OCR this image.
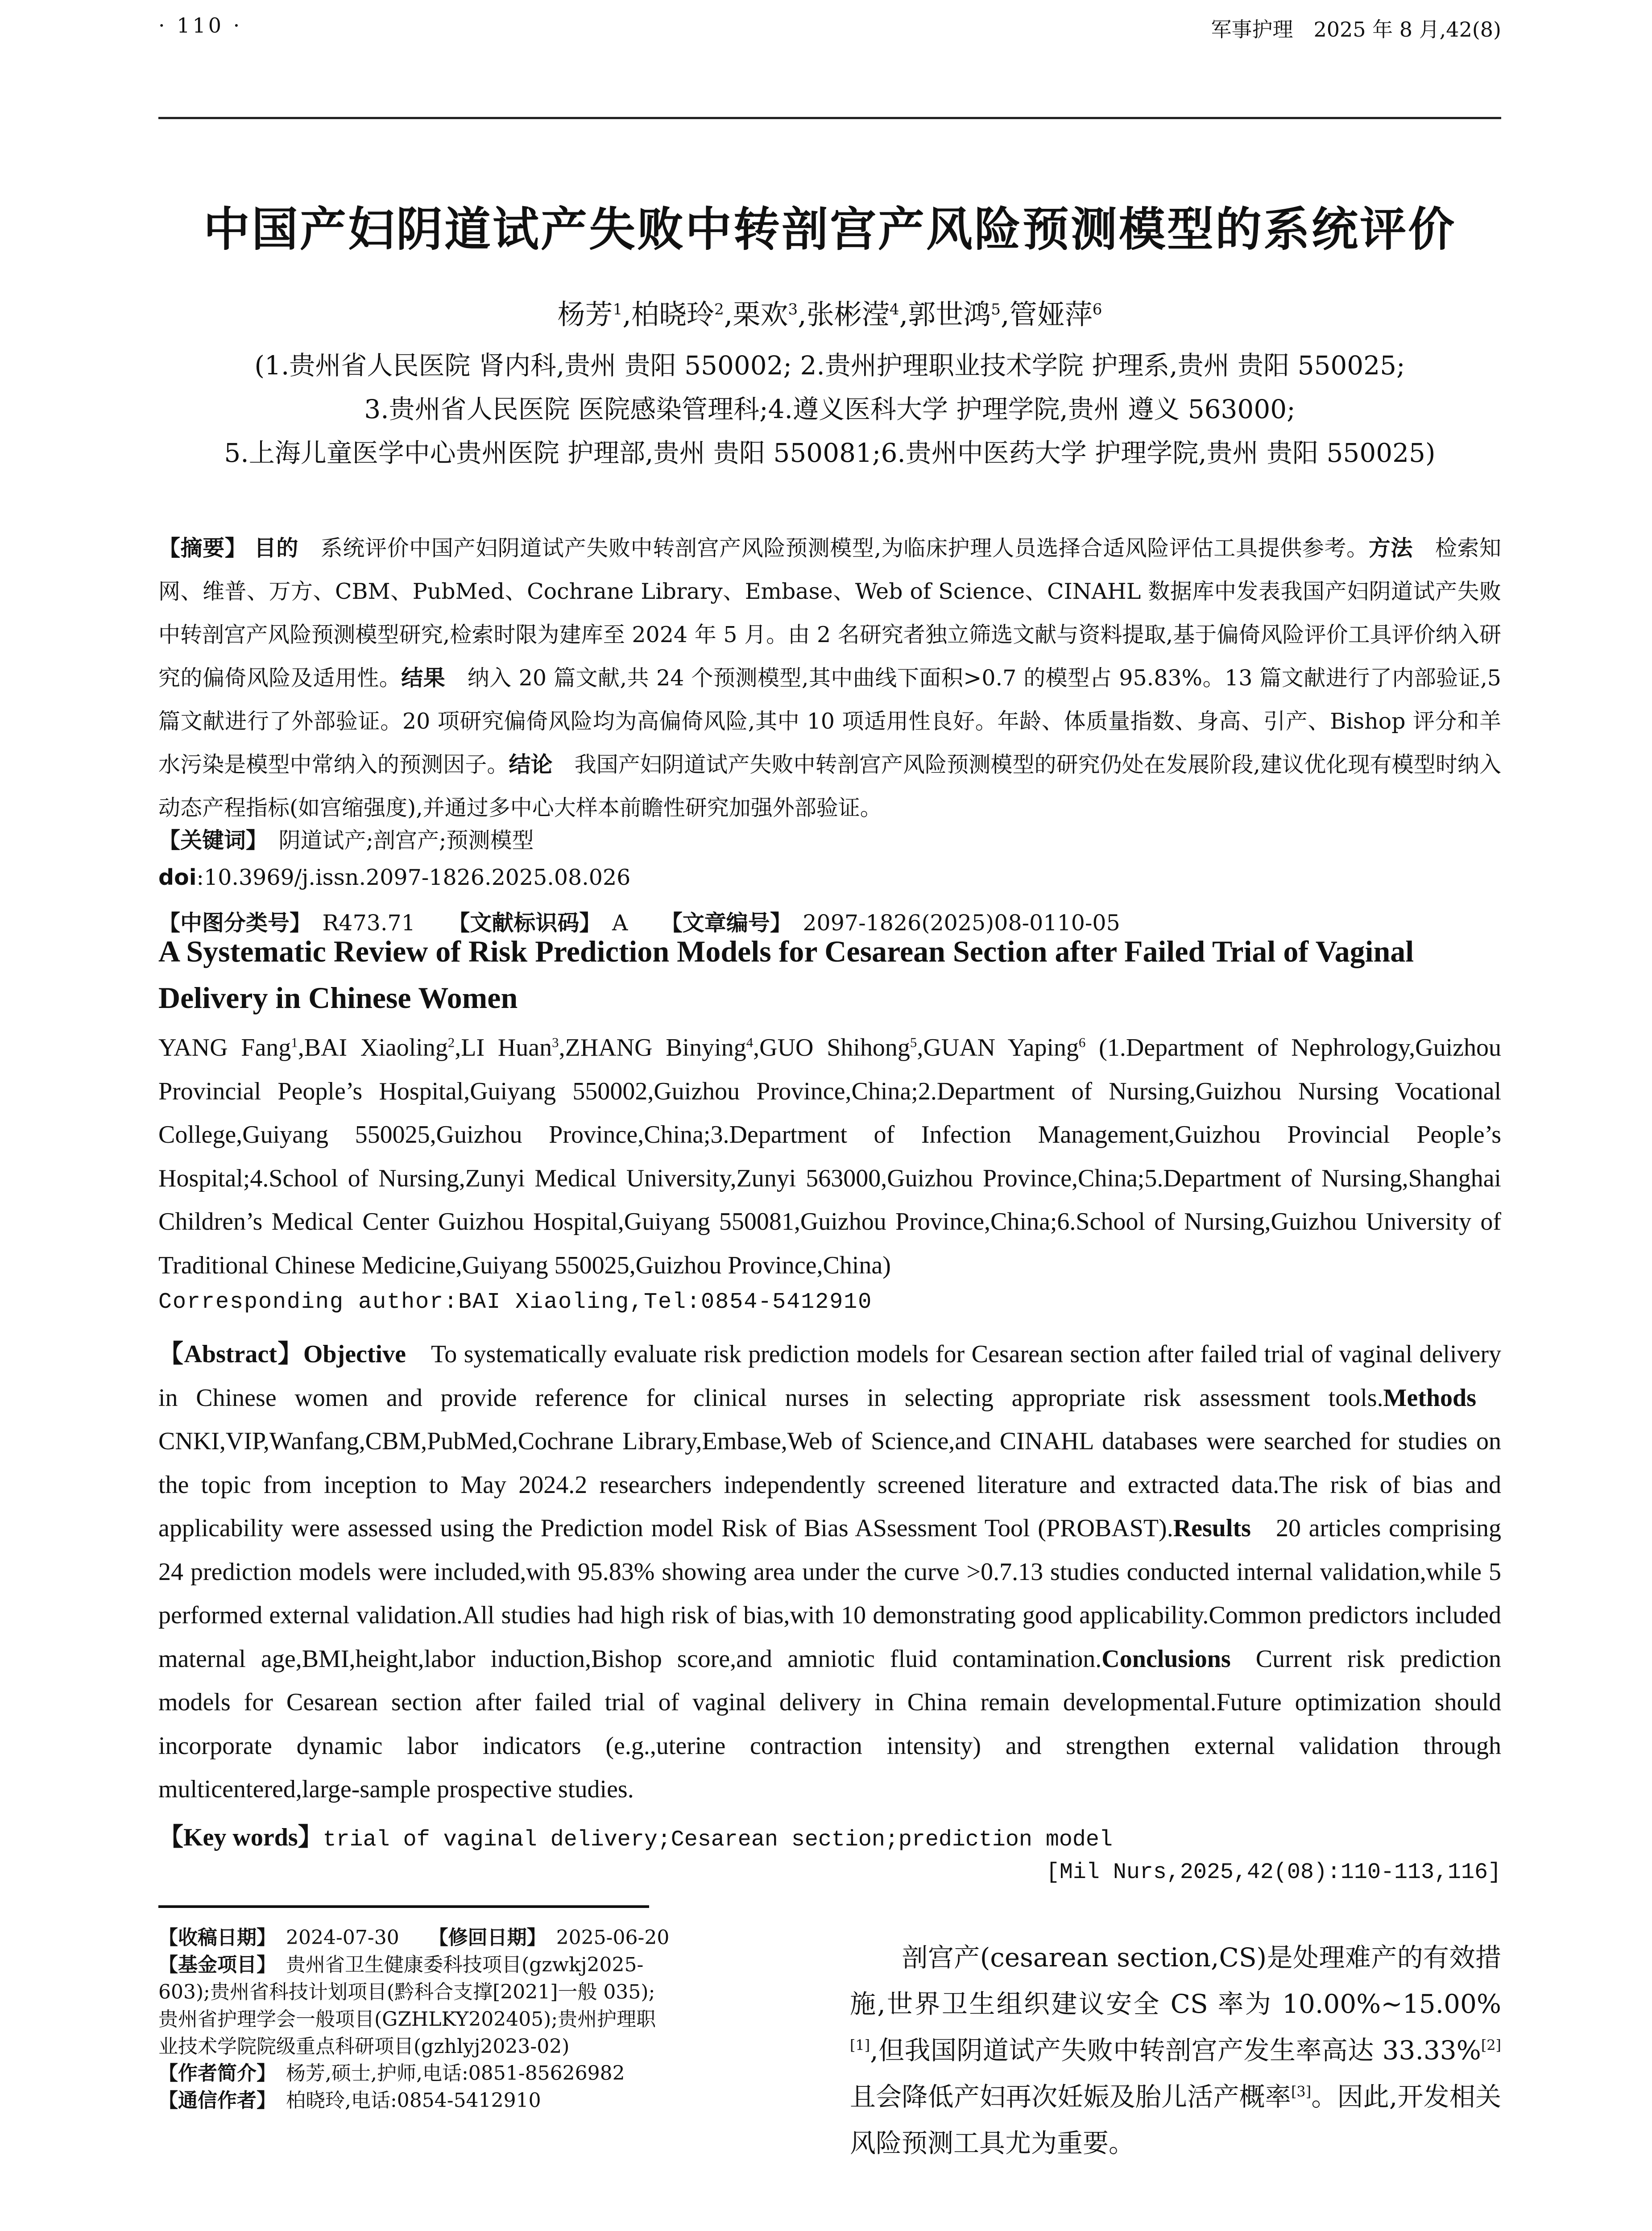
· 110 ·	军事护理　2025 年 8 月,42(8)
中国产妇阴道试产失败中转剖宫产风险预测模型的系统评价
杨芳$^1$,柏晓玲$^2$,栗欢$^3$,张彬滢$^4$,郭世鸿$^5$,管娅萍$^6$
(1.贵州省人民医院 肾内科,贵州 贵阳 550002; 2.贵州护理职业技术学院 护理系,贵州 贵阳 550025;
3.贵州省人民医院 医院感染管理科;4.遵义医科大学 护理学院,贵州 遵义 563000;
5.上海儿童医学中心贵州医院 护理部,贵州 贵阳 550081;6.贵州中医药大学 护理学院,贵州 贵阳 550025)
【摘要】 目的　 系统评价中国产妇阴道试产失败中转剖宫产风险预测模型,为临床护理人员选择合适风险评估工具提供参考。方法　 检索知网、维普、万方、CBM、PubMed、Cochrane Library、Embase、Web of Science、CINAHL 数据库中发表我国产妇阴道试产失败中转剖宫产风险预测模型研究,检索时限为建库至 2024 年 5 月。由 2 名研究者独立筛选文献与资料提取,基于偏倚风险评价工具评价纳入研究的偏倚风险及适用性。结果　 纳入 20 篇文献,共 24 个预测模型,其中曲线下面积>0.7 的模型占 95.83%。13 篇文献进行了内部验证,5 篇文献进行了外部验证。20 项研究偏倚风险均为高偏倚风险,其中 10 项适用性良好。年龄、体质量指数、身高、引产、Bishop 评分和羊水污染是模型中常纳入的预测因子。结论　 我国产妇阴道试产失败中转剖宫产风险预测模型的研究仍处在发展阶段,建议优化现有模型时纳入动态产程指标(如宫缩强度),并通过多中心大样本前瞻性研究加强外部验证。
【关键词】　 阴道试产;剖宫产;预测模型
doi:10.3969/j.issn.2097-1826.2025.08.026
【中图分类号】　 R473.71　　 【文献标识码】　 A　　 【文章编号】　 2097-1826(2025)08-0110-05
A Systematic Review of Risk Prediction Models for Cesarean Section after Failed Trial of Vaginal Delivery in Chinese Women
YANG Fang$^1$,BAI Xiaoling$^2$,LI Huan$^3$,ZHANG Binying$^4$,GUO Shihong$^5$,GUAN Yaping$^6$ (1.Department of Nephrology,Guizhou Provincial People’s Hospital,Guiyang 550002,Guizhou Province,China;2.Department of Nursing,Guizhou Nursing Vocational College,Guiyang 550025,Guizhou Province,China;3.Department of Infection Management,Guizhou Provincial People’s Hospital;4.School of Nursing,Zunyi Medical University,Zunyi 563000,Guizhou Province,China;5.Department of Nursing,Shanghai Children’s Medical Center Guizhou Hospital,Guiyang 550081,Guizhou Province,China;6.School of Nursing,Guizhou University of Traditional Chinese Medicine,Guiyang 550025,Guizhou Province,China)
Corresponding author:BAI Xiaoling,Tel:0854-5412910
【Abstract】Objective  To systematically evaluate risk prediction models for Cesarean section after failed trial of vaginal delivery in Chinese women and provide reference for clinical nurses in selecting appropriate risk assessment tools.Methods CNKI,VIP,Wanfang,CBM,PubMed,Cochrane Library,Embase,Web of Science,and CINAHL databases were searched for studies on the topic from inception to May 2024.2 researchers independently screened literature and extracted data.The risk of bias and applicability were assessed using the Prediction model Risk of Bias ASsessment Tool (PROBAST).Results  20 articles comprising 24 prediction models were included,with 95.83% showing area under the curve >0.7.13 studies conducted internal validation,while 5 performed external validation.All studies had high risk of bias,with 10 demonstrating good applicability.Common predictors included maternal age,BMI,height,labor induction,Bishop score,and amniotic fluid contamination.Conclusions  Current risk prediction models for Cesarean section after failed trial of vaginal delivery in China remain developmental.Future optimization should incorporate dynamic labor indicators (e.g.,uterine contraction intensity) and strengthen external validation through multicentered,large-sample prospective studies.
【Key words】trial of vaginal delivery;Cesarean section;prediction model
[Mil Nurs,2025,42(08):110-113,116]
【收稿日期】　 2024-07-30　　 【修回日期】　 2025-06-20
【基金项目】　 贵州省卫生健康委科技项目(gzwkj2025-603);贵州省科技计划项目(黔科合支撑[2021]一般 035);贵州省护理学会一般项目(GZHLKY202405);贵州护理职业技术学院院级重点科研项目(gzhlyj2023-02)
【作者简介】　 杨芳,硕士,护师,电话:0851-85626982
【通信作者】　 柏晓玲,电话:0854-5412910
剖宫产(cesarean section,CS)是处理难产的有效措施,世界卫生组织建议安全 CS 率为 10.00%~15.00%[1],但我国阴道试产失败中转剖宫产发生率高达 33.33%[2]且会降低产妇再次妊娠及胎儿活产概率[3]。因此,开发相关风险预测工具尤为重要。
